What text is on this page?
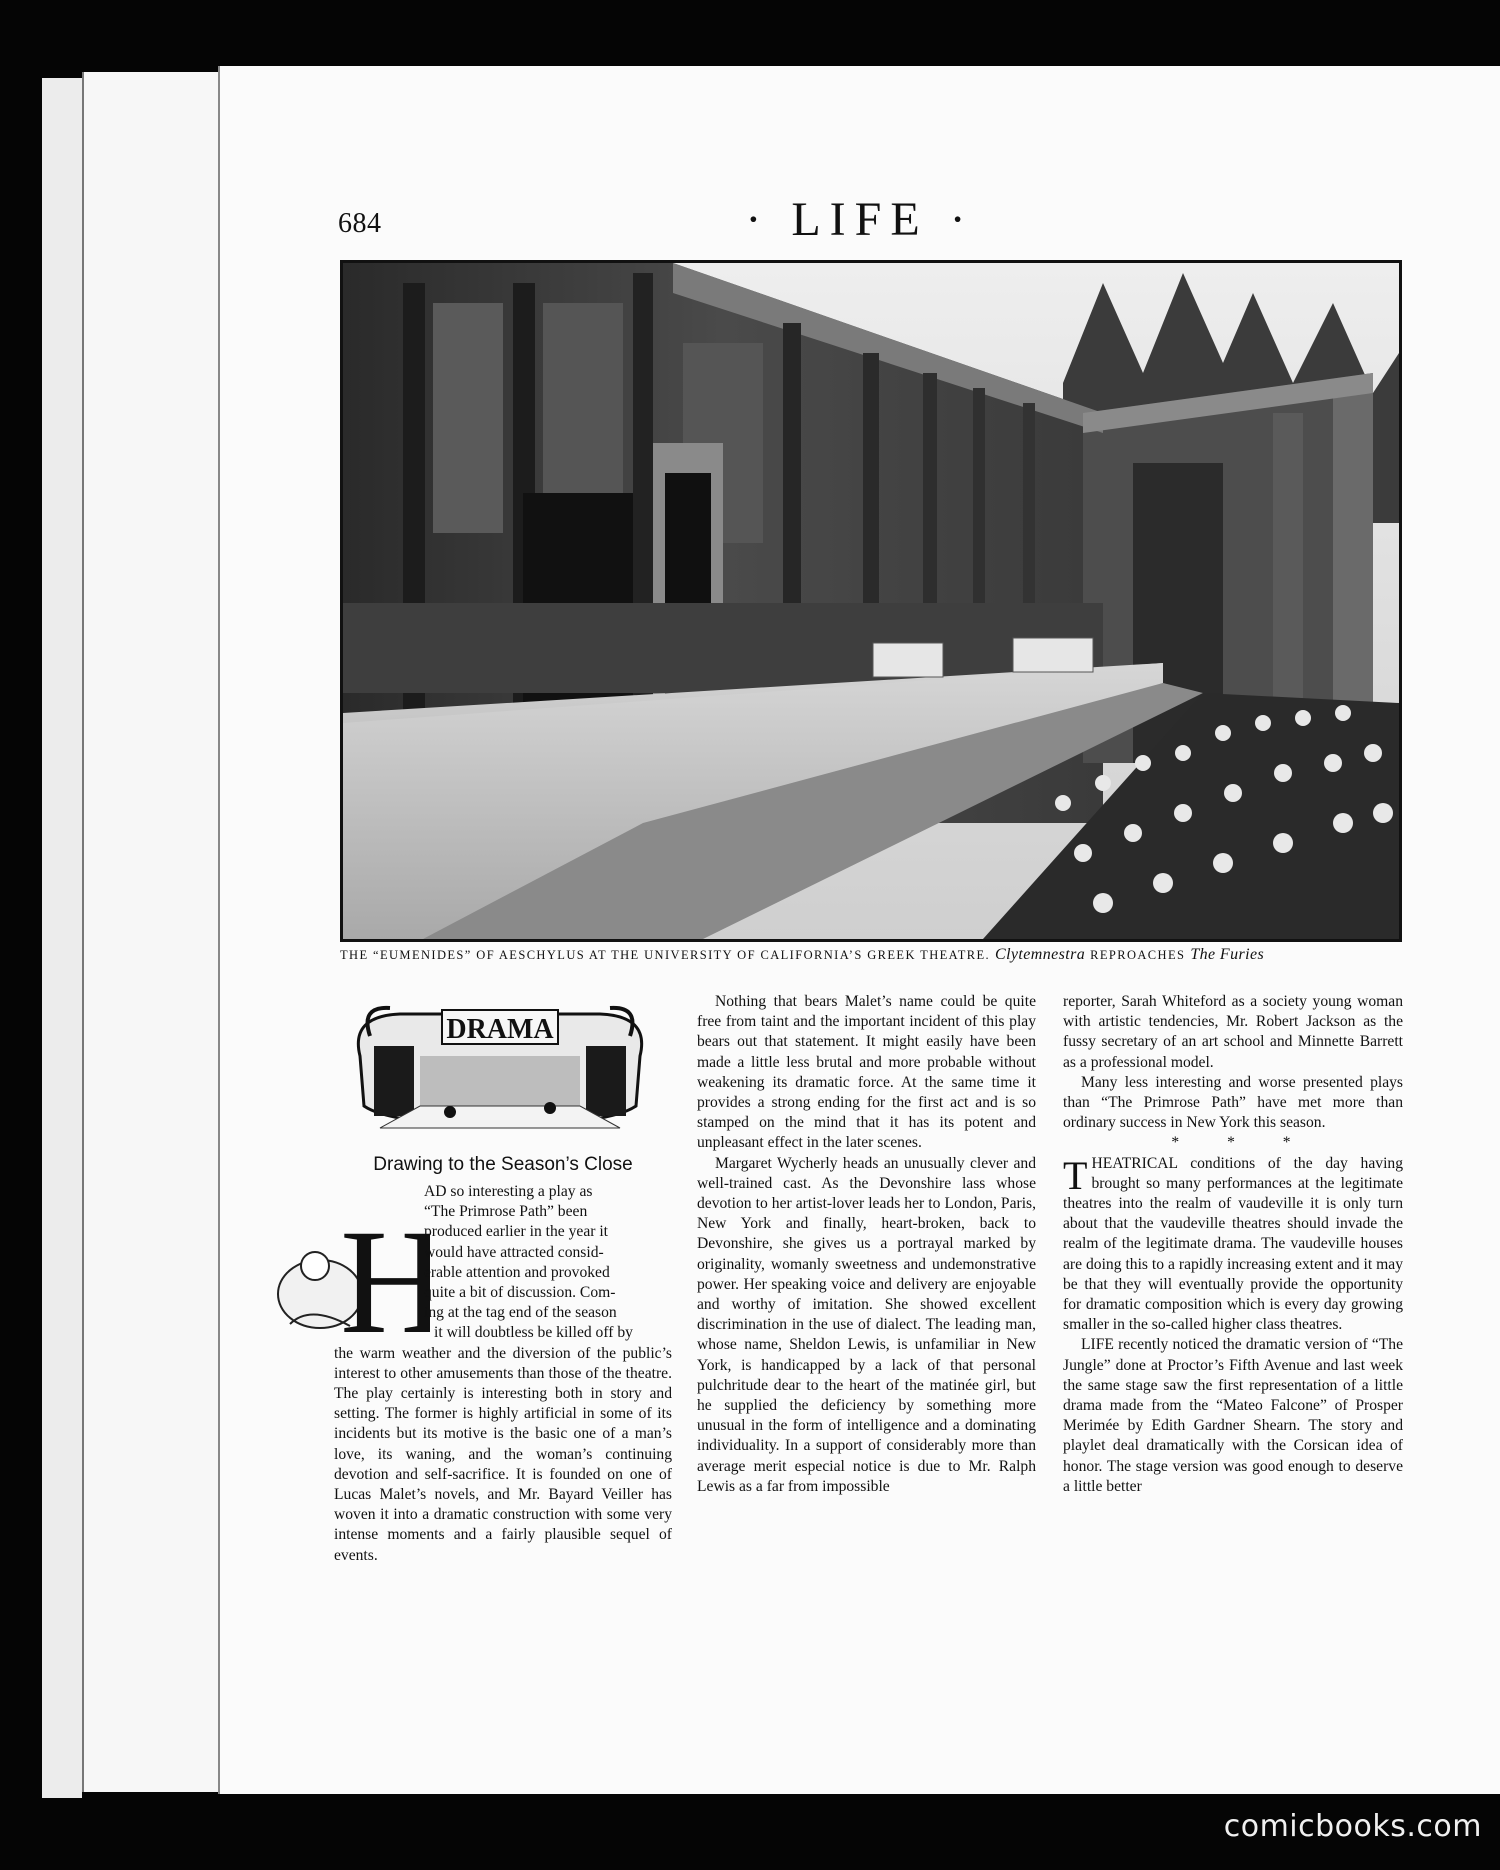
684	· LIFE ·
THE “EUMENIDES” OF AESCHYLUS AT THE UNIVERSITY OF CALIFORNIA’S GREEK THEATRE. Clytemnestra REPROACHES The Furies
DRAMA
Drawing to the Season’s Close
H

AD so interesting a play as

“The Primrose Path” been

produced earlier in the year it

would have attracted consid-

erable attention and provoked

quite a bit of discussion. Com-

ing at the tag end of the season

it will doubtless be killed off by

the warm weather and the diversion of the public’s interest to other amusements than those of the theatre. The play certainly is interesting both in story and setting. The former is highly artificial in some of its incidents but its motive is the basic one of a man’s love, its waning, and the woman’s continuing devotion and self-sacrifice. It is founded on one of Lucas Malet’s novels, and Mr. Bayard Veiller has woven it into a dramatic construction with some very intense moments and a fairly plausible sequel of events.

Nothing that bears Malet’s name could be quite free from taint and the important incident of this play bears out that statement. It might easily have been made a little less brutal and more probable without weakening its dramatic force. At the same time it provides a strong ending for the first act and is so stamped on the mind that it has its potent and unpleasant effect in the later scenes.

Margaret Wycherly heads an unusually clever and well-trained cast. As the Devonshire lass whose devotion to her artist-lover leads her to London, Paris, New York and finally, heart-broken, back to Devonshire, she gives us a portrayal marked by originality, womanly sweetness and undemonstrative power. Her speaking voice and delivery are enjoyable and worthy of imitation. She showed excellent discrimination in the use of dialect. The leading man, whose name, Sheldon Lewis, is unfamiliar in New York, is handicapped by a lack of that personal pulchritude dear to the heart of the matinée girl, but he supplied the deficiency by something more unusual in the form of intelligence and a dominating individuality. In a support of considerably more than average merit especial notice is due to Mr. Ralph Lewis as a far from impossible

reporter, Sarah Whiteford as a society young woman with artistic tendencies, Mr. Robert Jackson as the fussy secretary of an art school and Minnette Barrett as a professional model.

Many less interesting and worse presented plays than “The Primrose Path” have met more than ordinary success in New York this season.

* * *

THEATRICAL conditions of the day having brought so many performances at the legitimate theatres into the realm of vaudeville it is only turn about that the vaudeville theatres should invade the realm of the legitimate drama. The vaudeville houses are doing this to a rapidly increasing extent and it may be that they will eventually provide the opportunity for dramatic composition which is every day growing smaller in the so-called higher class theatres.

LIFE recently noticed the dramatic version of “The Jungle” done at Proctor’s Fifth Avenue and last week the same stage saw the first representation of a little drama made from the “Mateo Falcone” of Prosper Merimée by Edith Gardner Shearn. The story and playlet deal dramatically with the Corsican idea of honor. The stage version was good enough to deserve a little better

comicbooks.com
